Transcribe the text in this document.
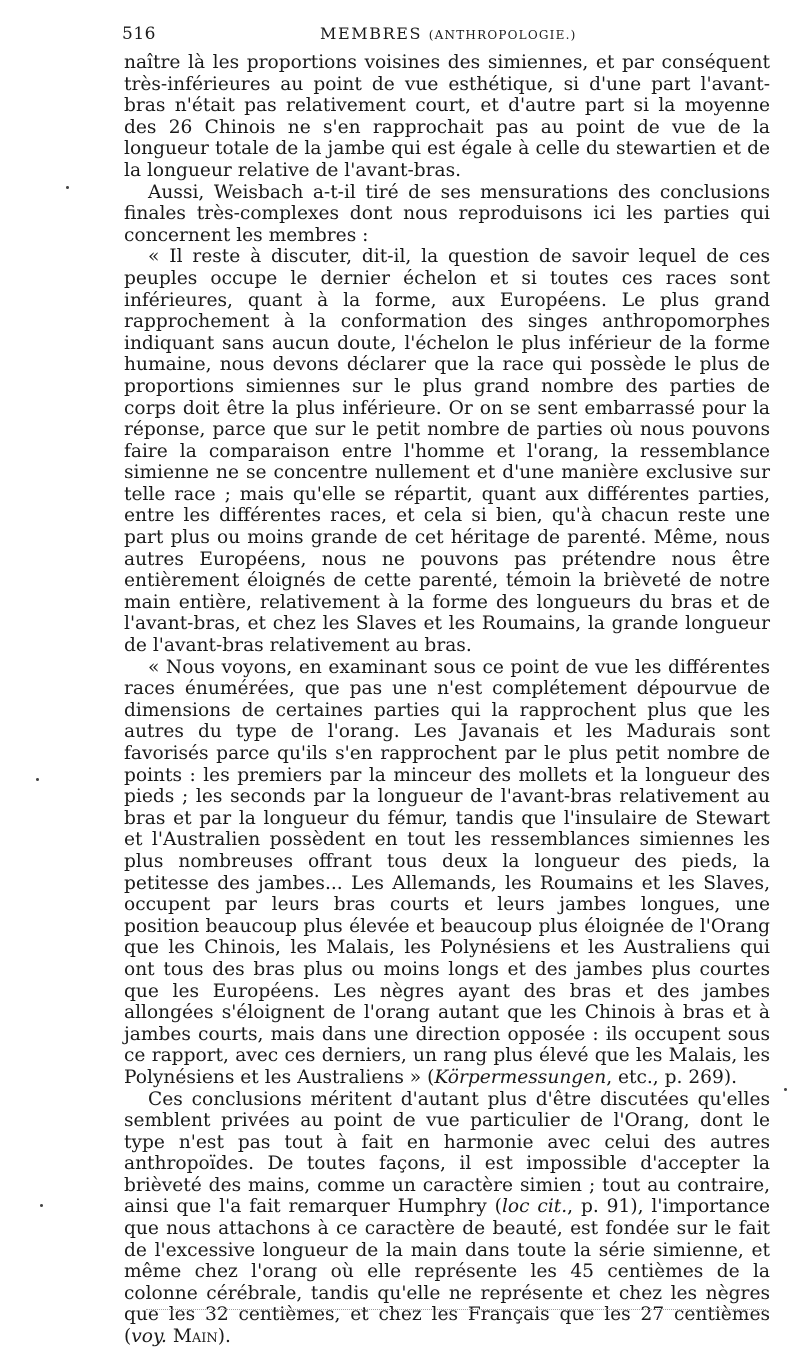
516	MEMBRES (ANTHROPOLOGIE.)

naître là les proportions voisines des simiennes, et par conséquent très-inférieures au point de vue esthétique, si d'une part l'avant-bras n'était pas relativement court, et d'autre part si la moyenne des 26 Chinois ne s'en rapprochait pas au point de vue de la longueur totale de la jambe qui est égale à celle du stewartien et de la longueur relative de l'avant-bras.

Aussi, Weisbach a-t-il tiré de ses mensurations des conclusions finales très-complexes dont nous reproduisons ici les parties qui concernent les membres :

« Il reste à discuter, dit-il, la question de savoir lequel de ces peuples occupe le dernier échelon et si toutes ces races sont inférieures, quant à la forme, aux Européens. Le plus grand rapprochement à la conformation des singes anthropomorphes indiquant sans aucun doute, l'échelon le plus inférieur de la forme humaine, nous devons déclarer que la race qui possède le plus de proportions simiennes sur le plus grand nombre des parties de corps doit être la plus inférieure. Or on se sent embarrassé pour la réponse, parce que sur le petit nombre de parties où nous pouvons faire la comparaison entre l'homme et l'orang, la ressemblance simienne ne se concentre nullement et d'une manière exclusive sur telle race ; mais qu'elle se répartit, quant aux différentes parties, entre les différentes races, et cela si bien, qu'à chacun reste une part plus ou moins grande de cet héritage de parenté. Même, nous autres Européens, nous ne pouvons pas prétendre nous être entièrement éloignés de cette parenté, témoin la brièveté de notre main entière, relativement à la forme des longueurs du bras et de l'avant-bras, et chez les Slaves et les Roumains, la grande longueur de l'avant-bras relativement au bras.

« Nous voyons, en examinant sous ce point de vue les différentes races énumérées, que pas une n'est complétement dépourvue de dimensions de certaines parties qui la rapprochent plus que les autres du type de l'orang. Les Javanais et les Madurais sont favorisés parce qu'ils s'en rapprochent par le plus petit nombre de points : les premiers par la minceur des mollets et la longueur des pieds ; les seconds par la longueur de l'avant-bras relativement au bras et par la longueur du fémur, tandis que l'insulaire de Stewart et l'Australien possèdent en tout les ressemblances simiennes les plus nombreuses offrant tous deux la longueur des pieds, la petitesse des jambes... Les Allemands, les Roumains et les Slaves, occupent par leurs bras courts et leurs jambes longues, une position beaucoup plus élevée et beaucoup plus éloignée de l'Orang que les Chinois, les Malais, les Polynésiens et les Australiens qui ont tous des bras plus ou moins longs et des jambes plus courtes que les Européens. Les nègres ayant des bras et des jambes allongées s'éloignent de l'orang autant que les Chinois à bras et à jambes courts, mais dans une direction opposée : ils occupent sous ce rapport, avec ces derniers, un rang plus élevé que les Malais, les Polynésiens et les Australiens » (Körpermessungen, etc., p. 269).

Ces conclusions méritent d'autant plus d'être discutées qu'elles semblent privées au point de vue particulier de l'Orang, dont le type n'est pas tout à fait en harmonie avec celui des autres anthropoïdes. De toutes façons, il est impossible d'accepter la brièveté des mains, comme un caractère simien ; tout au contraire, ainsi que l'a fait remarquer Humphry (loc cit., p. 91), l'importance que nous attachons à ce caractère de beauté, est fondée sur le fait de l'excessive longueur de la main dans toute la série simienne, et même chez l'orang où elle représente les 45 centièmes de la colonne cérébrale, tandis qu'elle ne représente et chez les nègres que les 32 centièmes, et chez les Français que les 27 centièmes (voy. Main).
